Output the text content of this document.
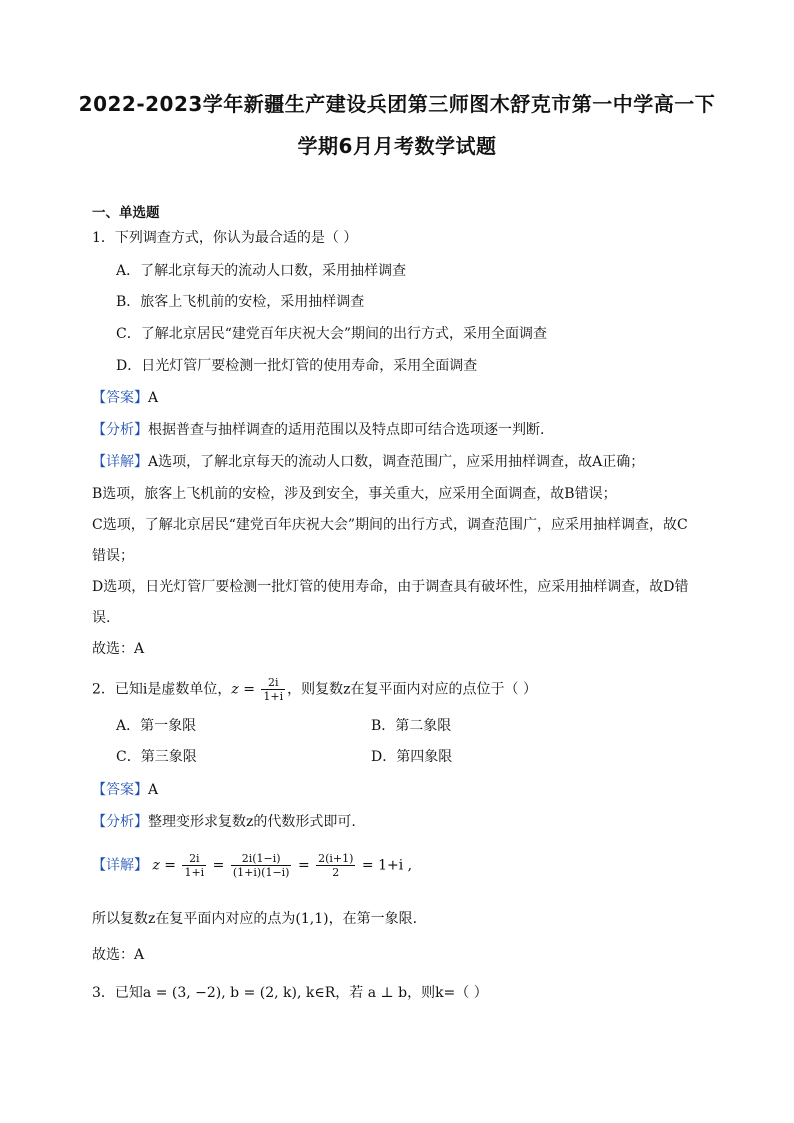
2022-2023学年新疆生产建设兵团第三师图木舒克市第一中学高一下
学期6月月考数学试题
一、单选题
1．下列调查方式，你认为最合适的是（ ）
A．了解北京每天的流动人口数，采用抽样调查
B．旅客上飞机前的安检，采用抽样调查
C．了解北京居民“建党百年庆祝大会”期间的出行方式，采用全面调查
D．日光灯管厂要检测一批灯管的使用寿命，采用全面调查
【答案】A
【分析】根据普查与抽样调查的适用范围以及特点即可结合选项逐一判断.
【详解】A选项，了解北京每天的流动人口数，调查范围广，应采用抽样调查，故A正确；
B选项，旅客上飞机前的安检，涉及到安全，事关重大，应采用全面调查，故B错误；
C选项，了解北京居民“建党百年庆祝大会”期间的出行方式，调查范围广，应采用抽样调查，故C
错误；
D选项，日光灯管厂要检测一批灯管的使用寿命，由于调查具有破坏性，应采用抽样调查，故D错
误.
故选：A
2．已知i是虚数单位，$z = \frac{2i}{1+i}$ ，则复数z在复平面内对应的点位于（ ）
A．第一象限	B．第二象限
C．第三象限	D．第四象限
【答案】A
【分析】整理变形求复数z的代数形式即可.
【详解】 $z = \frac{2i}{1+i} = \frac{2i(1-i)}{(1+i)(1-i)} = \frac{2(i+1)}{2} = 1+i$ ,
所以复数z在复平面内对应的点为(1,1)，在第一象限.
故选：A
3．已知a = (3, −2), b = (2, k), k∈R，若 a ⊥ b，则k=（ ）
